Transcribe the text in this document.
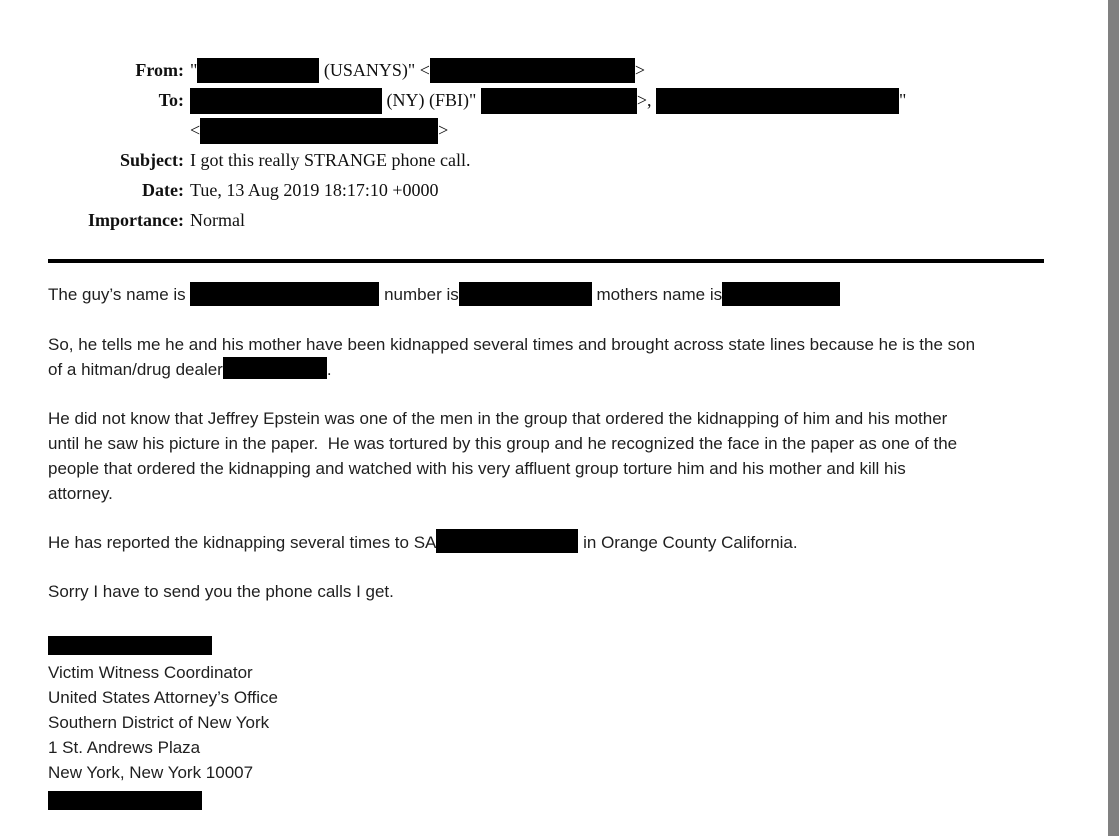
From: "	(USANYS)" <	>
To:	(NY) (FBI)"	>,	"
<	>
Subject: I got this really STRANGE phone call.
Date: Tue, 13 Aug 2019 18:17:10 +0000
Importance: Normal
The guy’s name is	number is	mothers name is
So, he tells me he and his mother have been kidnapped several times and brought across state lines because he is the son
of a hitman/drug dealer	.
He did not know that Jeffrey Epstein was one of the men in the group that ordered the kidnapping of him and his mother
until he saw his picture in the paper.  He was tortured by this group and he recognized the face in the paper as one of the
people that ordered the kidnapping and watched with his very affluent group torture him and his mother and kill his
attorney.
He has reported the kidnapping several times to SA	in Orange County California.
Sorry I have to send you the phone calls I get.
Victim Witness Coordinator
United States Attorney’s Office
Southern District of New York
1 St. Andrews Plaza
New York, New York 10007
